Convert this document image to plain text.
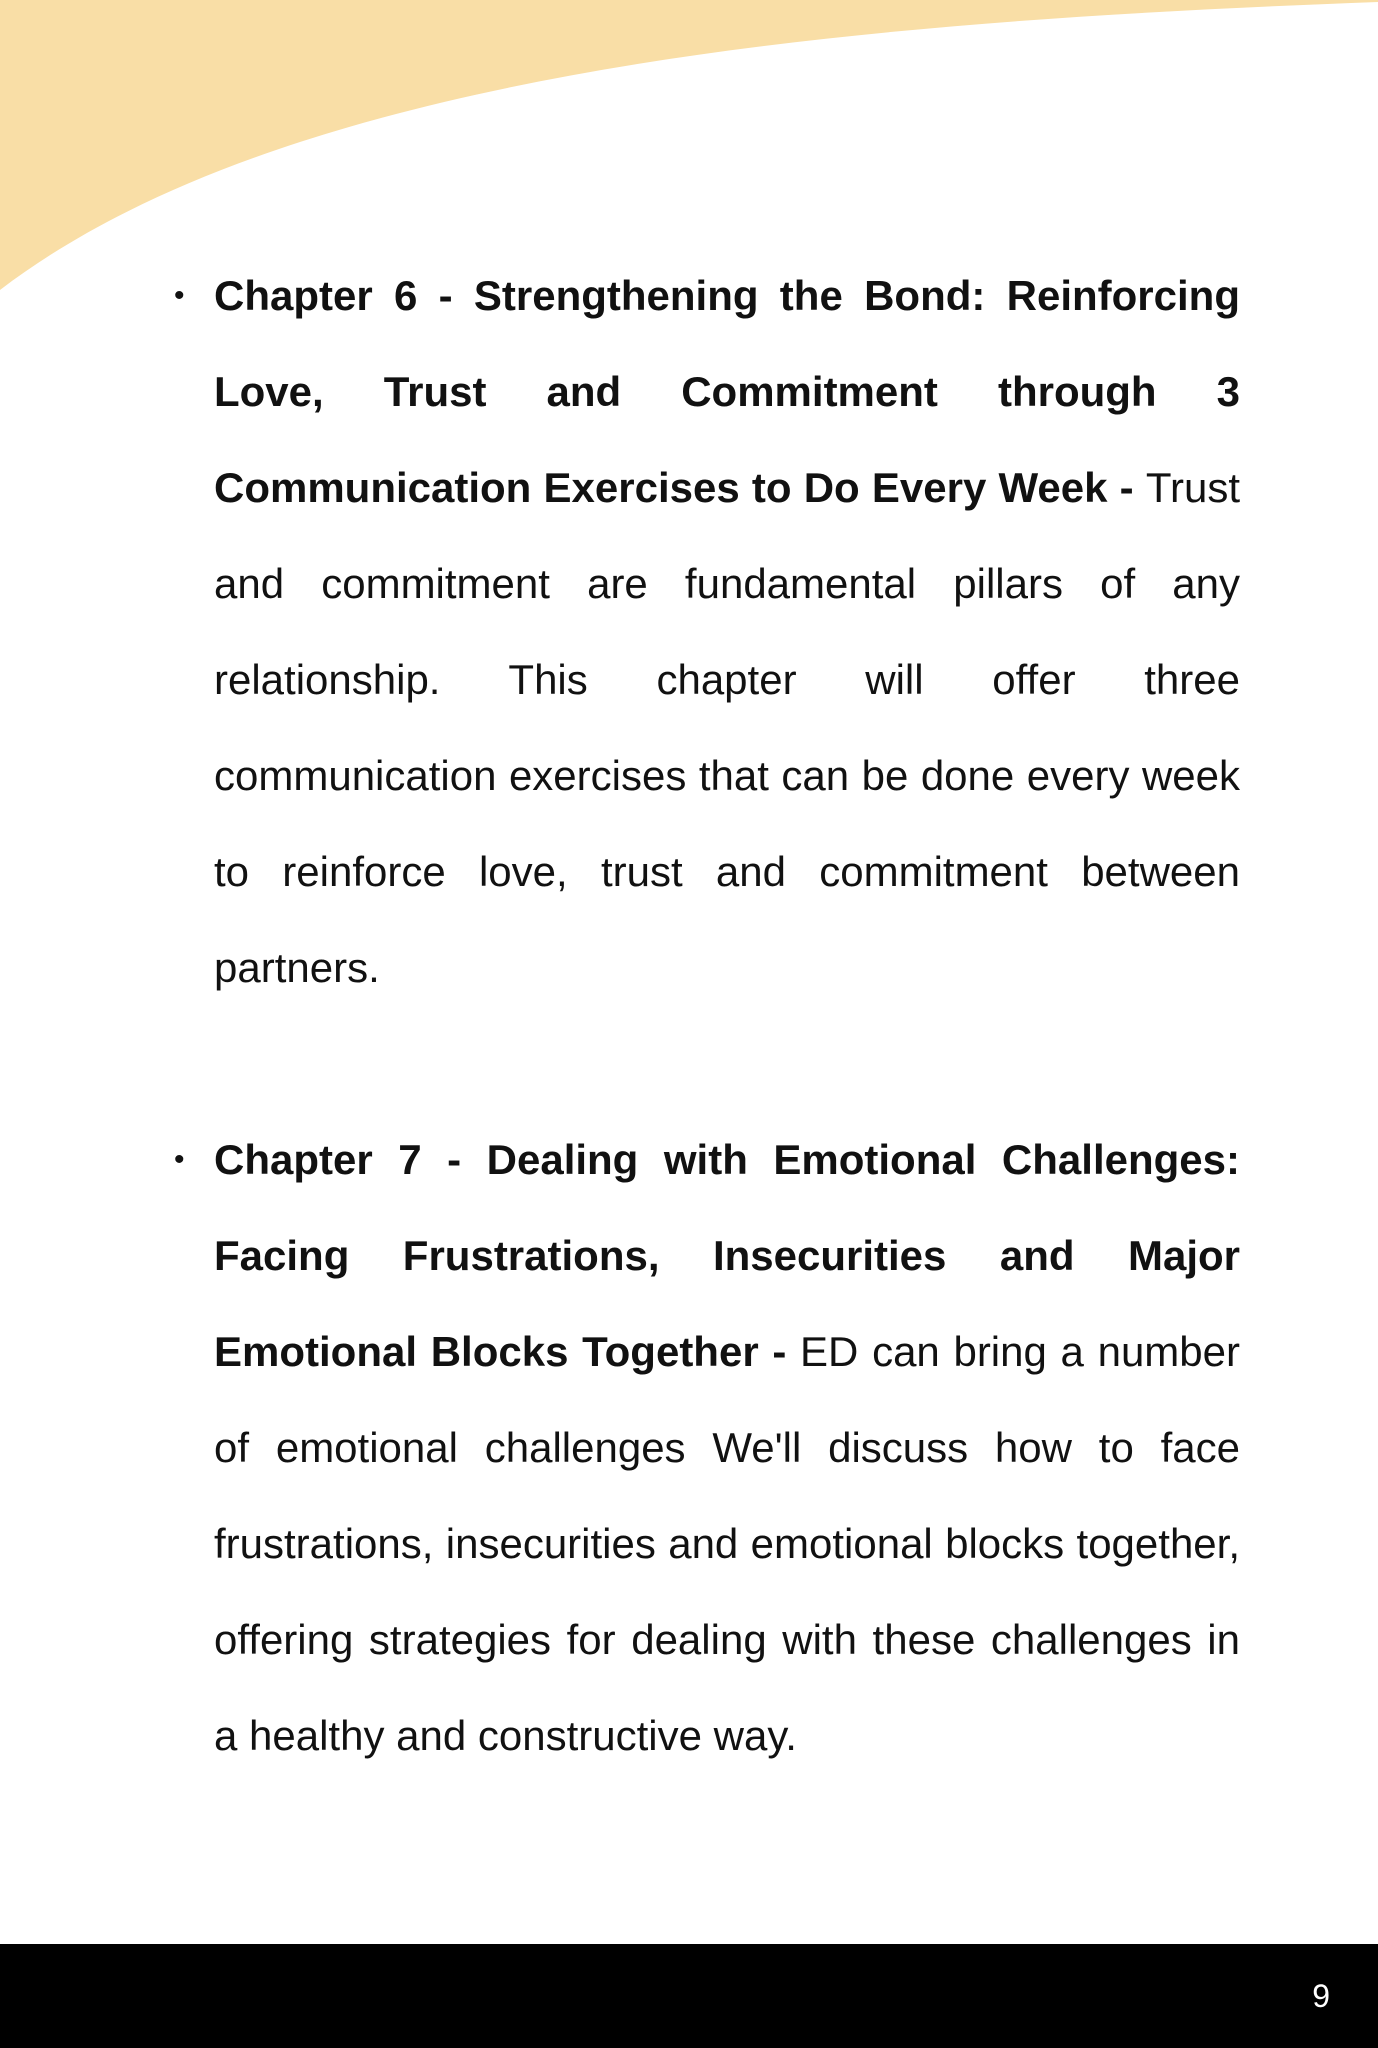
• Chapter 6 - Strengthening the Bond: Reinforcing Love, Trust and Commitment through 3 Communication Exercises to Do Every Week - Trust and commitment are fundamental pillars of any relationship. This chapter will offer three communication exercises that can be done every week to reinforce love, trust and commitment between partners.
• Chapter 7 - Dealing with Emotional Challenges: Facing Frustrations, Insecurities and Major Emotional Blocks Together - ED can bring a number of emotional challenges We'll discuss how to face frustrations, insecurities and emotional blocks together, offering strategies for dealing with these challenges in a healthy and constructive way.
9
